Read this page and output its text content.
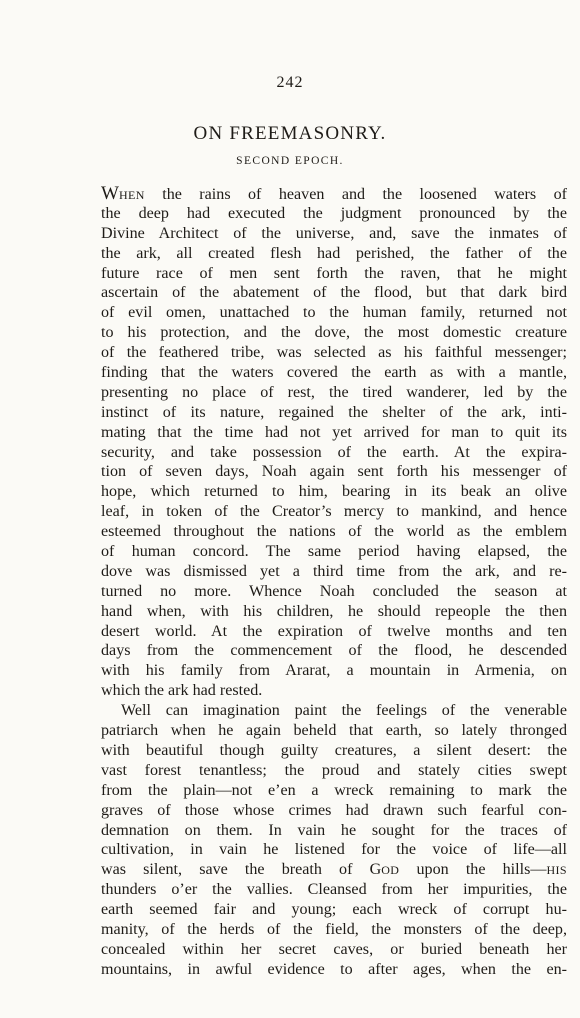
242
ON FREEMASONRY.
SECOND EPOCH.
WHEN the rains of heaven and the loosened waters of
the deep had executed the judgment pronounced by the
Divine Architect of the universe, and, save the inmates of
the ark, all created flesh had perished, the father of the
future race of men sent forth the raven, that he might
ascertain of the abatement of the flood, but that dark bird
of evil omen, unattached to the human family, returned not
to his protection, and the dove, the most domestic creature
of the feathered tribe, was selected as his faithful messenger;
finding that the waters covered the earth as with a mantle,
presenting no place of rest, the tired wanderer, led by the
instinct of its nature, regained the shelter of the ark, inti-
mating that the time had not yet arrived for man to quit its
security, and take possession of the earth. At the expira-
tion of seven days, Noah again sent forth his messenger of
hope, which returned to him, bearing in its beak an olive
leaf, in token of the Creator’s mercy to mankind, and hence
esteemed throughout the nations of the world as the emblem
of human concord. The same period having elapsed, the
dove was dismissed yet a third time from the ark, and re-
turned no more. Whence Noah concluded the season at
hand when, with his children, he should repeople the then
desert world. At the expiration of twelve months and ten
days from the commencement of the flood, he descended
with his family from Ararat, a mountain in Armenia, on
which the ark had rested.
Well can imagination paint the feelings of the venerable
patriarch when he again beheld that earth, so lately thronged
with beautiful though guilty creatures, a silent desert: the
vast forest tenantless; the proud and stately cities swept
from the plain—not e’en a wreck remaining to mark the
graves of those whose crimes had drawn such fearful con-
demnation on them. In vain he sought for the traces of
cultivation, in vain he listened for the voice of life—all
was silent, save the breath of GOD upon the hills—HIS
thunders o’er the vallies. Cleansed from her impurities, the
earth seemed fair and young; each wreck of corrupt hu-
manity, of the herds of the field, the monsters of the deep,
concealed within her secret caves, or buried beneath her
mountains, in awful evidence to after ages, when the en-
